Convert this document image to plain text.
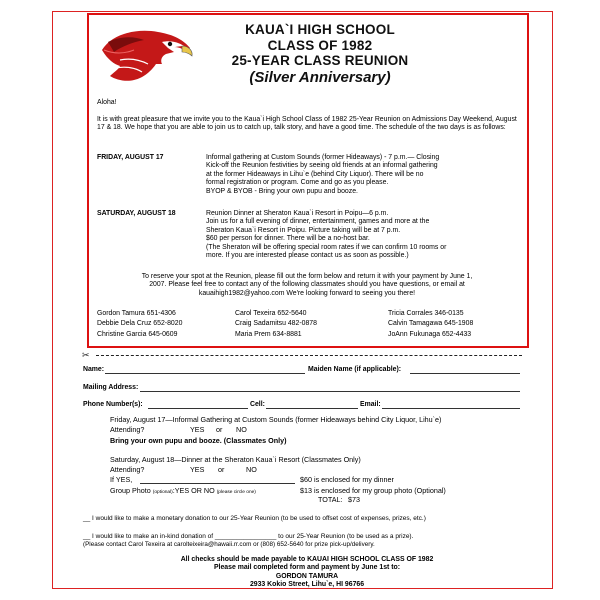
KAUA`I HIGH SCHOOL
CLASS OF 1982
25-YEAR CLASS REUNION
(Silver Anniversary)
Aloha!
It is with great pleasure that we invite you to the Kaua`i High School Class of 1982 25-Year Reunion on Admissions Day Weekend, August 17 & 18. We hope that you are able to join us to catch up, talk story, and have a good time. The schedule of the two days is as follows:
FRIDAY, AUGUST 17	Informal gathering at Custom Sounds (former Hideaways) - 7 p.m.— Closing
Kick-off the Reunion festivities by seeing old friends at an informal gathering
at the former Hideaways in Lihu`e (behind City Liquor). There will be no
formal registration or program. Come and go as you please.
BYOP & BYOB - Bring your own pupu and booze.
SATURDAY, AUGUST 18	Reunion Dinner at Sheraton Kaua`i Resort in Poipu—6 p.m.
Join us for a full evening of dinner, entertainment, games and more at the
Sheraton Kaua`i Resort in Poipu. Picture taking will be at 7 p.m.
$60 per person for dinner. There will be a no-host bar.
(The Sheraton will be offering special room rates if we can confirm 10 rooms or
more. If you are interested please contact us as soon as possible.)
To reserve your spot at the Reunion, please fill out the form below and return it with your payment by June 1,
2007. Please feel free to contact any of the following classmates should you have questions, or email at
kauaihigh1982@yahoo.com We're looking forward to seeing you there!
Gordon Tamura 651-4306	Carol Texeira 652-5640	Tricia Corrales 346-0135
Debbie Dela Cruz 652-8020	Craig Sadamitsu 482-0878	Calvin Tamagawa 645-1908
Christine Garcia 645-0609	Maria Prem 634-8881	JoAnn Fukunaga 652-4433
✂
Name:	Maiden Name (if applicable):
Mailing Address:
Phone Number(s):	Cell:	Email:
Friday, August 17—Informal Gathering at Custom Sounds (former Hideaways behind City Liquor, Lihu`e)
Attending?	YES or NO
Bring your own pupu and booze. (Classmates Only)
Saturday, August 18—Dinner at the Sheraton Kaua`i Resort (Classmates Only)
Attending?	YES or	NO
If YES,	$60 is enclosed for my dinner
Group Photo (optional):YES OR NO (please circle one)	$13 is enclosed for my group photo (Optional)
TOTAL: $73
__ I would like to make a monetary donation to our 25-Year Reunion (to be used to offset cost of expenses, prizes, etc.)
__ I would like to make an in-kind donation of _________________ to our 25-Year Reunion (to be used as a prize).
(Please contact Carol Texeira at carolteixeira@hawaii.rr.com or (808) 652-5640 for prize pick-up/delivery.
All checks should be made payable to KAUAI HIGH SCHOOL CLASS OF 1982
Please mail completed form and payment by June 1st to:
GORDON TAMURA
2933 Kokio Street, Lihu`e, HI 96766
